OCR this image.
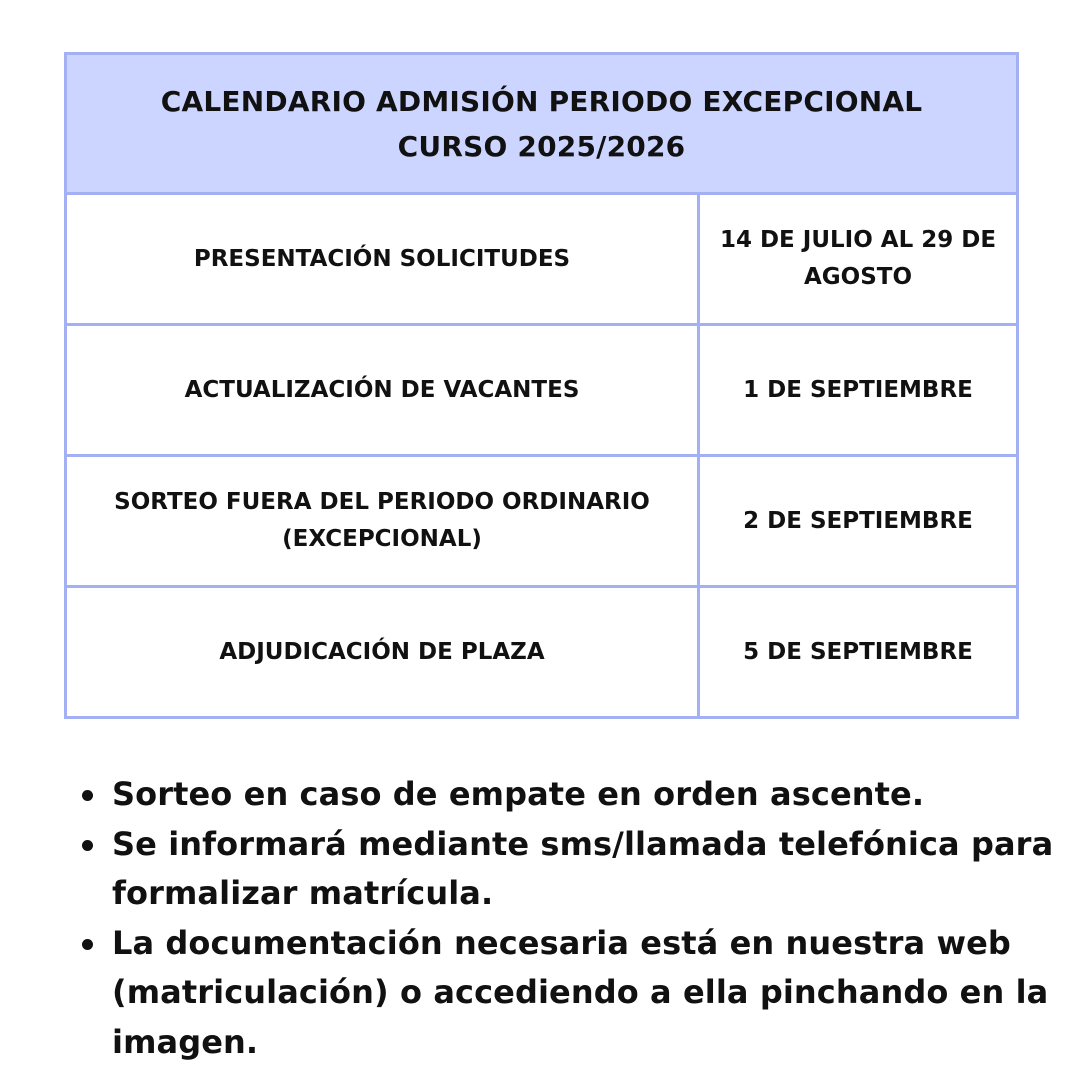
CALENDARIO ADMISIÓN PERIODO EXCEPCIONAL
CURSO 2025/2026	

PRESENTACIÓN SOLICITUDES	14 DE JULIO AL 29 DE AGOSTO
ACTUALIZACIÓN DE VACANTES	1 DE SEPTIEMBRE
SORTEO FUERA DEL PERIODO ORDINARIO (EXCEPCIONAL)	2 DE SEPTIEMBRE
ADJUDICACIÓN DE PLAZA	5 DE SEPTIEMBRE
Sorteo en caso de empate en orden ascente.
Se informará mediante sms/llamada telefónica para formalizar matrícula.
La documentación necesaria está en nuestra web (matriculación) o accediendo a ella pinchando en la imagen.
